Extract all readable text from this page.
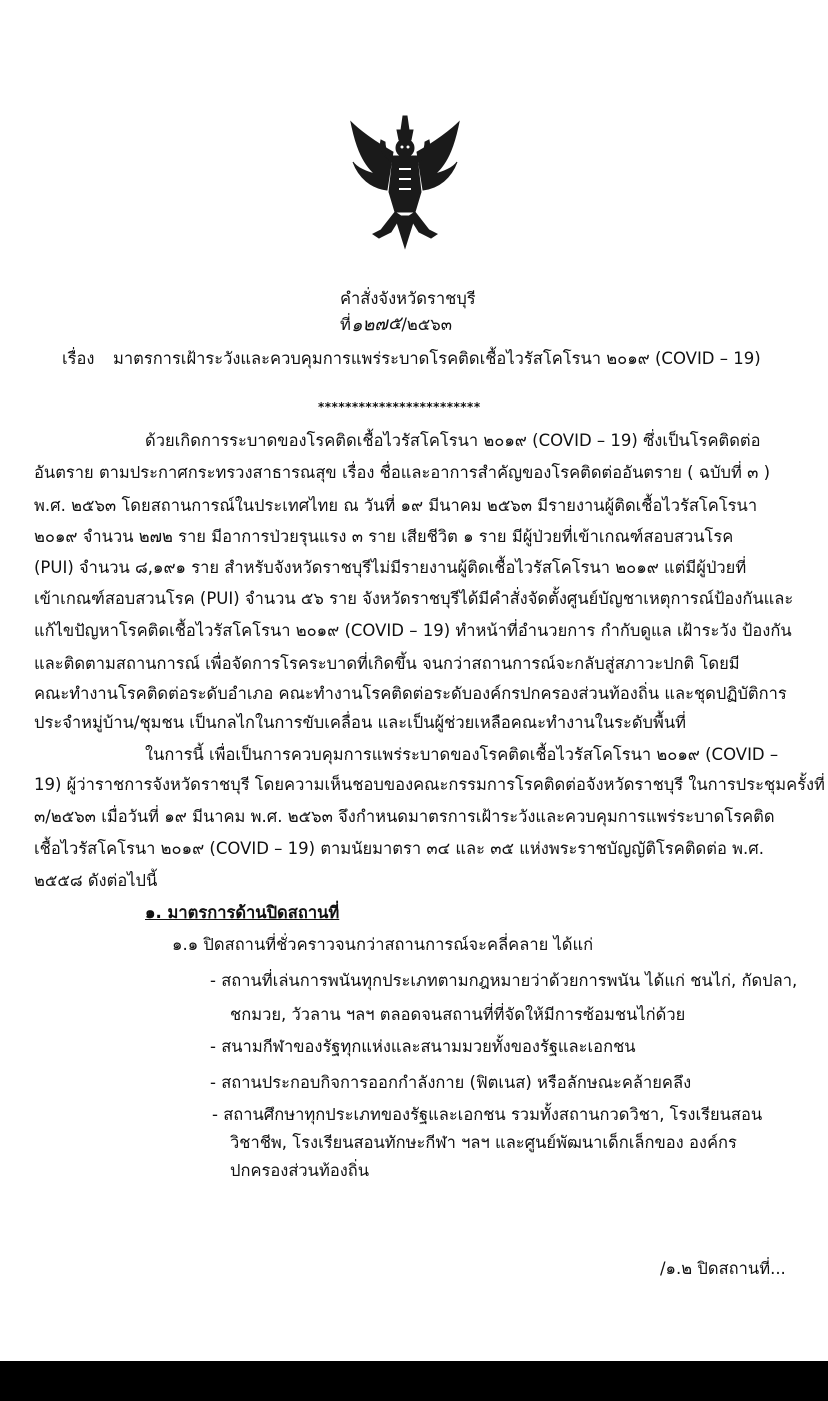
คำสั่งจังหวัดราชบุรี
ที่๑๒๗๕/๒๕๖๓
เรื่อง มาตรการเฝ้าระวังและควบคุมการแพร่ระบาดโรคติดเชื้อไวรัสโคโรนา ๒๐๑๙ (COVID – 19)
************************
ด้วยเกิดการระบาดของโรคติดเชื้อไวรัสโคโรนา ๒๐๑๙ (COVID – 19) ซึ่งเป็นโรคติดต่อ
อันตราย ตามประกาศกระทรวงสาธารณสุข เรื่อง ชื่อและอาการสำคัญของโรคติดต่ออันตราย ( ฉบับที่ ๓ )
พ.ศ. ๒๕๖๓ โดยสถานการณ์ในประเทศไทย ณ วันที่ ๑๙ มีนาคม ๒๕๖๓ มีรายงานผู้ติดเชื้อไวรัสโคโรนา
๒๐๑๙ จำนวน ๒๗๒ ราย มีอาการป่วยรุนแรง ๓ ราย เสียชีวิต ๑ ราย มีผู้ป่วยที่เข้าเกณฑ์สอบสวนโรค
(PUI) จำนวน ๘,๑๙๑ ราย สำหรับจังหวัดราชบุรีไม่มีรายงานผู้ติดเชื้อไวรัสโคโรนา ๒๐๑๙ แต่มีผู้ป่วยที่
เข้าเกณฑ์สอบสวนโรค (PUI) จำนวน ๕๖ ราย จังหวัดราชบุรีได้มีคำสั่งจัดตั้งศูนย์บัญชาเหตุการณ์ป้องกันและ
แก้ไขปัญหาโรคติดเชื้อไวรัสโคโรนา ๒๐๑๙ (COVID – 19) ทำหน้าที่อำนวยการ กำกับดูแล เฝ้าระวัง ป้องกัน
และติดตามสถานการณ์ เพื่อจัดการโรคระบาดที่เกิดขึ้น จนกว่าสถานการณ์จะกลับสู่สภาวะปกติ โดยมี
คณะทำงานโรคติดต่อระดับอำเภอ คณะทำงานโรคติดต่อระดับองค์กรปกครองส่วนท้องถิ่น และชุดปฏิบัติการ
ประจำหมู่บ้าน/ชุมชน เป็นกลไกในการขับเคลื่อน และเป็นผู้ช่วยเหลือคณะทำงานในระดับพื้นที่
ในการนี้ เพื่อเป็นการควบคุมการแพร่ระบาดของโรคติดเชื้อไวรัสโคโรนา ๒๐๑๙ (COVID –
19) ผู้ว่าราชการจังหวัดราชบุรี โดยความเห็นชอบของคณะกรรมการโรคติดต่อจังหวัดราชบุรี ในการประชุมครั้งที่
๓/๒๕๖๓ เมื่อวันที่ ๑๙ มีนาคม พ.ศ. ๒๕๖๓ จึงกำหนดมาตรการเฝ้าระวังและควบคุมการแพร่ระบาดโรคติด
เชื้อไวรัสโคโรนา ๒๐๑๙ (COVID – 19) ตามนัยมาตรา ๓๔ และ ๓๕ แห่งพระราชบัญญัติโรคติดต่อ พ.ศ.
๒๕๕๘ ดังต่อไปนี้
๑. มาตรการด้านปิดสถานที่
๑.๑ ปิดสถานที่ชั่วคราวจนกว่าสถานการณ์จะคลี่คลาย ได้แก่
- สถานที่เล่นการพนันทุกประเภทตามกฎหมายว่าด้วยการพนัน ได้แก่ ชนไก่, กัดปลา,
ชกมวย, วัวลาน ฯลฯ ตลอดจนสถานที่ที่จัดให้มีการซ้อมชนไก่ด้วย
- สนามกีฬาของรัฐทุกแห่งและสนามมวยทั้งของรัฐและเอกชน
- สถานประกอบกิจการออกกำลังกาย (ฟิตเนส) หรือลักษณะคล้ายคลึง
- สถานศึกษาทุกประเภทของรัฐและเอกชน รวมทั้งสถานกวดวิชา, โรงเรียนสอน
วิชาชีพ, โรงเรียนสอนทักษะกีฬา ฯลฯ และศูนย์พัฒนาเด็กเล็กของ องค์กร
ปกครองส่วนท้องถิ่น
/๑.๒ ปิดสถานที่...
